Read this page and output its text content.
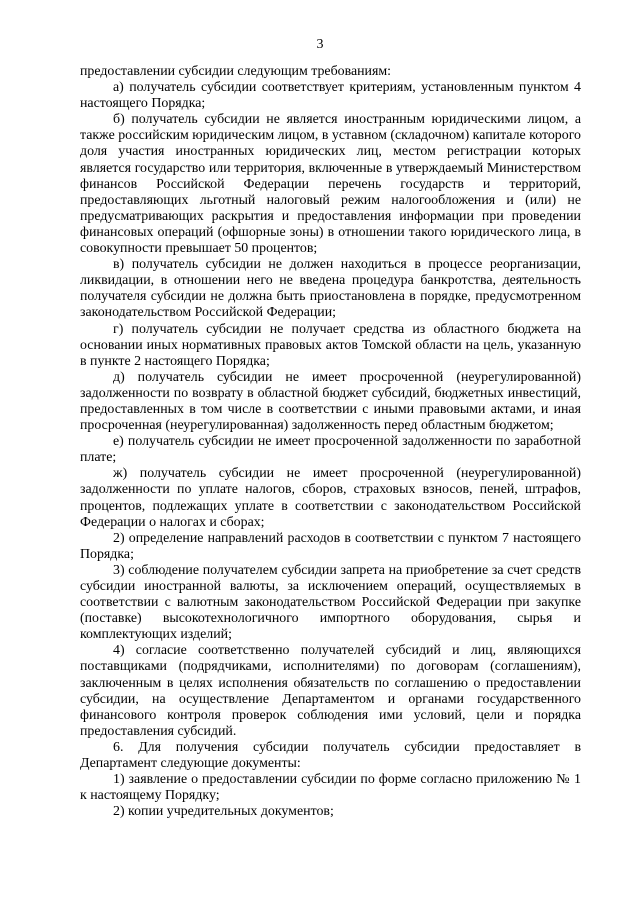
3

предоставлении субсидии следующим требованиям:

а) получатель субсидии соответствует критериям, установленным пунктом 4 настоящего Порядка;

б) получатель субсидии не является иностранным юридическими лицом, а также российским юридическим лицом, в уставном (складочном) капитале которого доля участия иностранных юридических лиц, местом регистрации которых является государство или территория, включенные в утверждаемый Министерством финансов Российской Федерации перечень государств и территорий, предоставляющих льготный налоговый режим налогообложения и (или) не предусматривающих раскрытия и предоставления информации при проведении финансовых операций (офшорные зоны) в отношении такого юридического лица, в совокупности превышает 50 процентов;

в) получатель субсидии не должен находиться в процессе реорганизации, ликвидации, в отношении него не введена процедура банкротства, деятельность получателя субсидии не должна быть приостановлена в порядке, предусмотренном законодательством Российской Федерации;

г) получатель субсидии не получает средства из областного бюджета на основании иных нормативных правовых актов Томской области на цель, указанную в пункте 2 настоящего Порядка;

д) получатель субсидии не имеет просроченной (неурегулированной) задолженности по возврату в областной бюджет субсидий, бюджетных инвестиций, предоставленных в том числе в соответствии с иными правовыми актами, и иная просроченная (неурегулированная) задолженность перед областным бюджетом;

е) получатель субсидии не имеет просроченной задолженности по заработной плате;

ж) получатель субсидии не имеет просроченной (неурегулированной) задолженности по уплате налогов, сборов, страховых взносов, пеней, штрафов, процентов, подлежащих уплате в соответствии с законодательством Российской Федерации о налогах и сборах;

2) определение направлений расходов в соответствии с пунктом 7 настоящего Порядка;

3) соблюдение получателем субсидии запрета на приобретение за счет средств субсидии иностранной валюты, за исключением операций, осуществляемых в соответствии с валютным законодательством Российской Федерации при закупке (поставке) высокотехнологичного импортного оборудования, сырья и комплектующих изделий;

4) согласие соответственно получателей субсидий и лиц, являющихся поставщиками (подрядчиками, исполнителями) по договорам (соглашениям), заключенным в целях исполнения обязательств по соглашению о предоставлении субсидии, на осуществление Департаментом и органами государственного финансового контроля проверок соблюдения ими условий, цели и порядка предоставления субсидий.

6. Для получения субсидии получатель субсидии предоставляет в Департамент следующие документы:

1) заявление о предоставлении субсидии по форме согласно приложению № 1 к настоящему Порядку;

2) копии учредительных документов;
